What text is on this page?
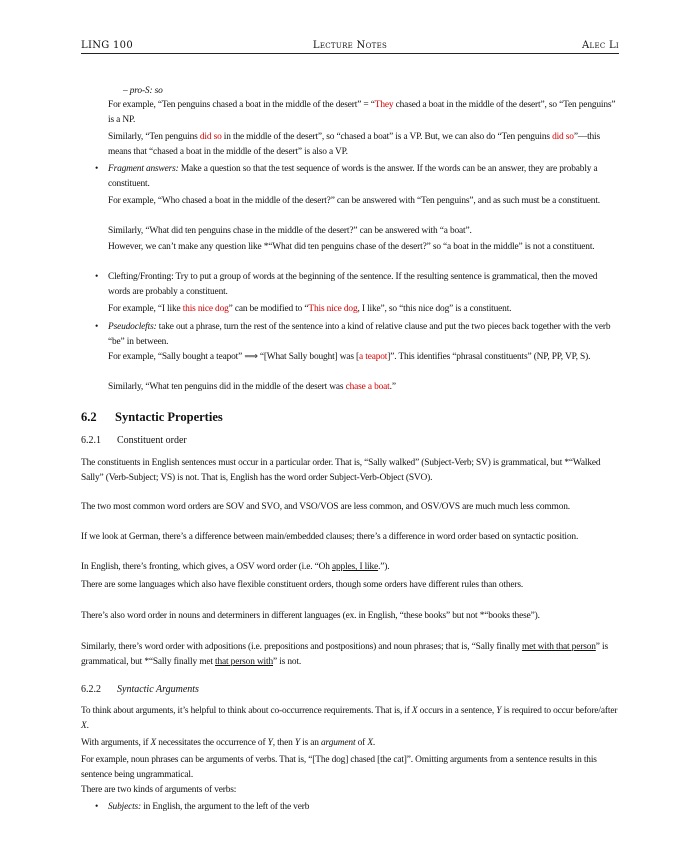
LING 100	Lecture Notes	Alec Li
– pro-S: so
For example, “Ten penguins chased a boat in the middle of the desert” = “They chased a boat in the middle of the desert”, so “Ten penguins” is a NP.
Similarly, “Ten penguins did so in the middle of the desert”, so “chased a boat” is a VP. But, we can also do “Ten penguins did so”—this means that “chased a boat in the middle of the desert” is also a VP.
• Fragment answers: Make a question so that the test sequence of words is the answer. If the words can be an answer, they are probably a constituent.
For example, “Who chased a boat in the middle of the desert?” can be answered with “Ten penguins”, and as such must be a constituent.
Similarly, “What did ten penguins chase in the middle of the desert?” can be answered with “a boat”.
However, we can’t make any question like *“What did ten penguins chase of the desert?” so “a boat in the middle” is not a constituent.
• Clefting/Fronting: Try to put a group of words at the beginning of the sentence. If the resulting sentence is grammatical, then the moved words are probably a constituent.
For example, “I like this nice dog” can be modified to “This nice dog, I like”, so “this nice dog” is a constituent.
• Pseudoclefts: take out a phrase, turn the rest of the sentence into a kind of relative clause and put the two pieces back together with the verb “be” in between.
For example, “Sally bought a teapot” ⟹ “[What Sally bought] was [a teapot]”. This identifies “phrasal constituents” (NP, PP, VP, S).
Similarly, “What ten penguins did in the middle of the desert was chase a boat.”
6.2 Syntactic Properties
6.2.1 Constituent order
The constituents in English sentences must occur in a particular order. That is, “Sally walked” (Subject-Verb; SV) is grammatical, but *“Walked Sally” (Verb-Subject; VS) is not. That is, English has the word order Subject-Verb-Object (SVO).
The two most common word orders are SOV and SVO, and VSO/VOS are less common, and OSV/OVS are much much less common.
If we look at German, there’s a difference between main/embedded clauses; there’s a difference in word order based on syntactic position.
In English, there’s fronting, which gives, a OSV word order (i.e. “Oh apples, I like.”).
There are some languages which also have flexible constituent orders, though some orders have different rules than others.
There’s also word order in nouns and determiners in different languages (ex. in English, “these books” but not *“books these”).
Similarly, there’s word order with adpositions (i.e. prepositions and postpositions) and noun phrases; that is, “Sally finally met with that person” is grammatical, but *“Sally finally met that person with” is not.
6.2.2 Syntactic Arguments
To think about arguments, it’s helpful to think about co-occurrence requirements. That is, if X occurs in a sentence, Y is required to occur before/after X.
With arguments, if X necessitates the occurrence of Y, then Y is an argument of X.
For example, noun phrases can be arguments of verbs. That is, “[The dog] chased [the cat]”. Omitting arguments from a sentence results in this sentence being ungrammatical.
There are two kinds of arguments of verbs:
• Subjects: in English, the argument to the left of the verb
